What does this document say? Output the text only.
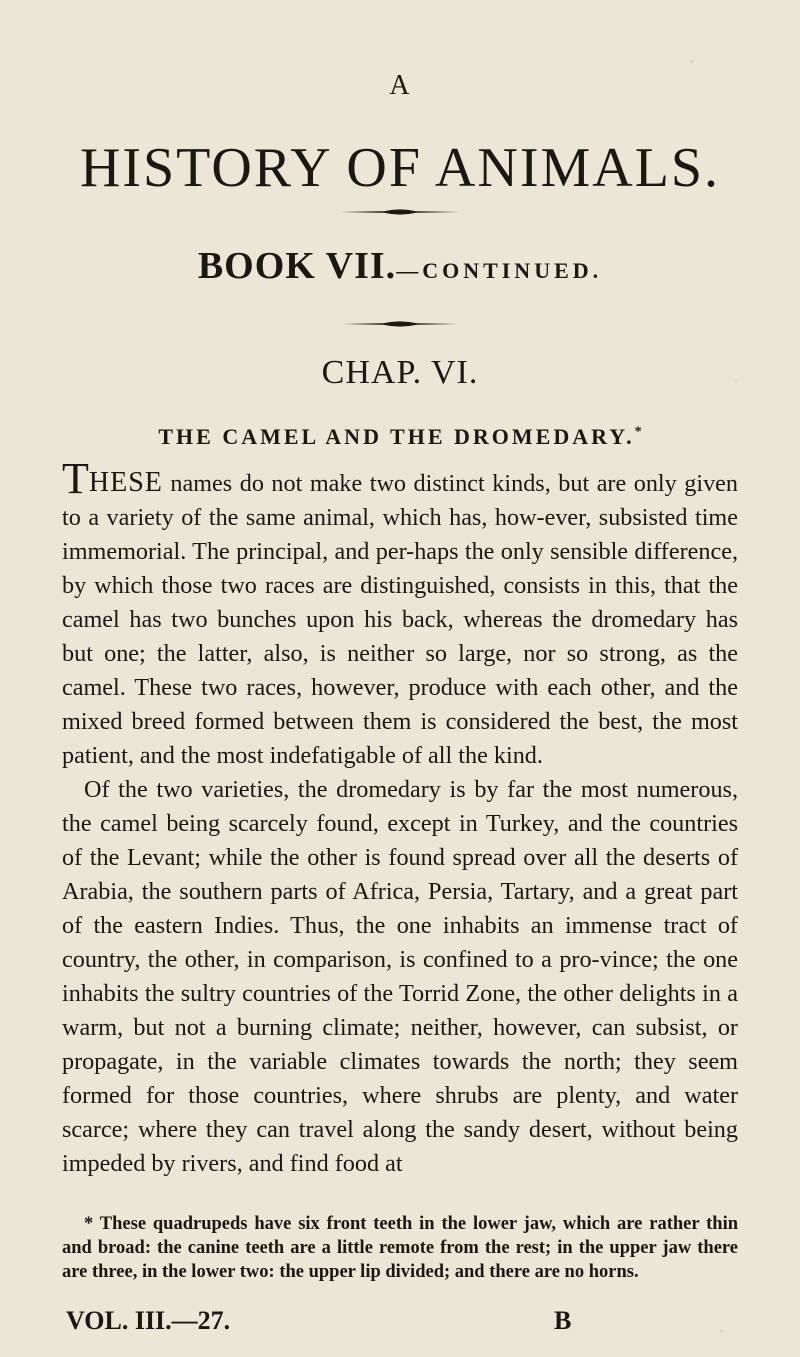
A
HISTORY OF ANIMALS.
BOOK VII.—CONTINUED.
CHAP. VI.
THE CAMEL AND THE DROMEDARY.*

THESE names do not make two distinct kinds, but are only given to a variety of the same animal, which has, how-ever, subsisted time immemorial. The principal, and per-haps the only sensible difference, by which those two races are distinguished, consists in this, that the camel has two bunches upon his back, whereas the dromedary has but one; the latter, also, is neither so large, nor so strong, as the camel. These two races, however, produce with each other, and the mixed breed formed between them is considered the best, the most patient, and the most indefatigable of all the kind.

Of the two varieties, the dromedary is by far the most numerous, the camel being scarcely found, except in Turkey, and the countries of the Levant; while the other is found spread over all the deserts of Arabia, the southern parts of Africa, Persia, Tartary, and a great part of the eastern Indies. Thus, the one inhabits an immense tract of country, the other, in comparison, is confined to a pro-vince; the one inhabits the sultry countries of the Torrid Zone, the other delights in a warm, but not a burning climate; neither, however, can subsist, or propagate, in the variable climates towards the north; they seem formed for those countries, where shrubs are plenty, and water scarce; where they can travel along the sandy desert, without being impeded by rivers, and find food at

* These quadrupeds have six front teeth in the lower jaw, which are rather thin and broad: the canine teeth are a little remote from the rest; in the upper jaw there are three, in the lower two: the upper lip divided; and there are no horns.

VOL. III.—27.	B
